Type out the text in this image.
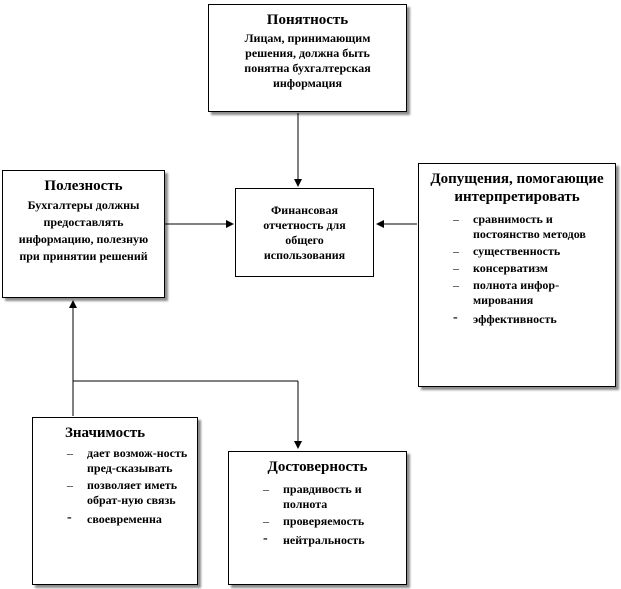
Понятность
Лицам, принимающим решения, должна быть понятна бухгалтерская информация
Финансовая отчетность для общего использования
Полезность
Бухгалтеры должны предоставлять информацию, полезную при принятии решений
Допущения, помогающие интерпретировать
– сравнимость и постоянство методов
– существенность
– консерватизм
– полнота инфор-мирования
- эффективность
Значимость
– дает возмож-ность пред-сказывать
– позволяет иметь обрат-ную связь
- своевременна
Достоверность
– правдивость и полнота
– проверяемость
- нейтральность
